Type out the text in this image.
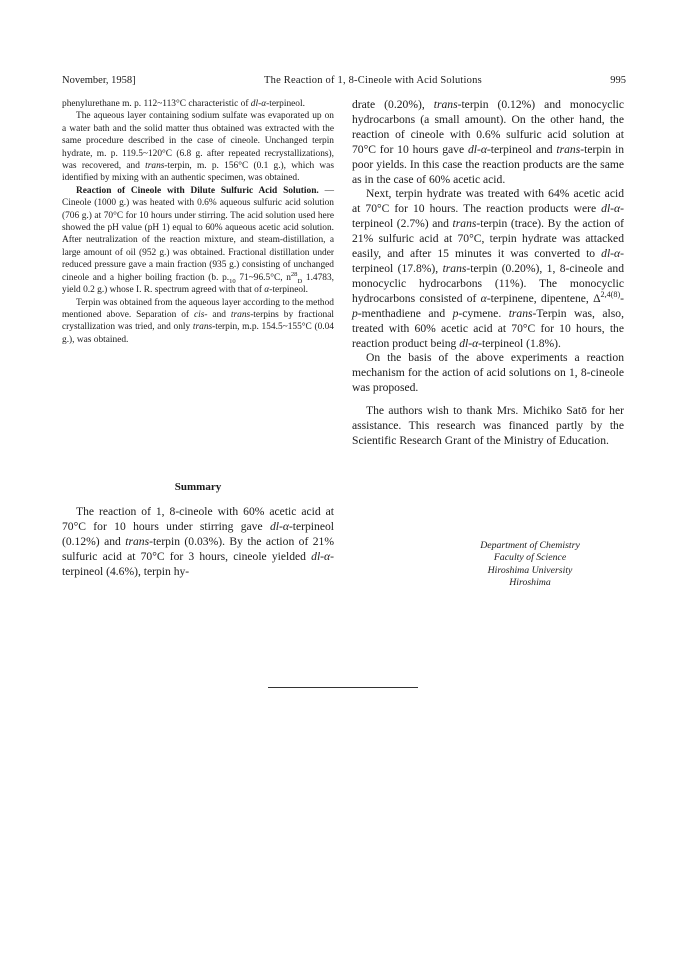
November, 1958]	The Reaction of 1, 8-Cineole with Acid Solutions	995

phenylurethane m. p. 112~113°C characteristic of dl-α-terpineol.

The aqueous layer containing sodium sulfate was evaporated up on a water bath and the solid matter thus obtained was extracted with the same procedure described in the case of cineole. Unchanged terpin hydrate, m. p. 119.5~120°C (6.8 g. after repeated recrystallizations), was recovered, and trans-terpin, m. p. 156°C (0.1 g.), which was identified by mixing with an authentic specimen, was obtained.

Reaction of Cineole with Dilute Sulfuric Acid Solution. — Cineole (1000 g.) was heated with 0.6% aqueous sulfuric acid solution (706 g.) at 70°C for 10 hours under stirring. The acid solution used here showed the pH value (pH 1) equal to 60% aqueous acetic acid solution. After neutralization of the reaction mixture, and steam-distillation, a large amount of oil (952 g.) was obtained. Fractional distillation under reduced pressure gave a main fraction (935 g.) consisting of unchanged cineole and a higher boiling fraction (b. $p._{10}$ 71~96.5°C, $n^{28}_D$ 1.4783, yield 0.2 g.) whose I. R. spectrum agreed with that of α-terpineol.

Terpin was obtained from the aqueous layer according to the method mentioned above. Separation of cis- and trans-terpins by fractional crystallization was tried, and only trans-terpin, m.p. 154.5~155°C (0.04 g.), was obtained.

Summary

The reaction of 1, 8-cineole with 60% acetic acid at 70°C for 10 hours under stirring gave dl-α-terpineol (0.12%) and trans-terpin (0.03%). By the action of 21% sulfuric acid at 70°C for 3 hours, cineole yielded dl-α-terpineol (4.6%), terpin hy-

drate (0.20%), trans-terpin (0.12%) and monocyclic hydrocarbons (a small amount). On the other hand, the reaction of cineole with 0.6% sulfuric acid solution at 70°C for 10 hours gave dl-α-terpineol and trans-terpin in poor yields. In this case the reaction products are the same as in the case of 60% acetic acid.

Next, terpin hydrate was treated with 64% acetic acid at 70°C for 10 hours. The reaction products were dl-α-terpineol (2.7%) and trans-terpin (trace). By the action of 21% sulfuric acid at 70°C, terpin hydrate was attacked easily, and after 15 minutes it was converted to dl-α-terpineol (17.8%), trans-terpin (0.20%), 1, 8-cineole and monocyclic hydrocarbons (11%). The monocyclic hydrocarbons consisted of α-terpinene, dipentene, $\Delta^{2,4(8)}-p$-menthadiene and p-cymene. trans-Terpin was, also, treated with 60% acetic acid at 70°C for 10 hours, the reaction product being dl-α-terpineol (1.8%).

On the basis of the above experiments a reaction mechanism for the action of acid solutions on 1, 8-cineole was proposed.

The authors wish to thank Mrs. Michiko Satō for her assistance. This research was financed partly by the Scientific Research Grant of the Ministry of Education.

Department of Chemistry
Faculty of Science
Hiroshima University
Hiroshima
